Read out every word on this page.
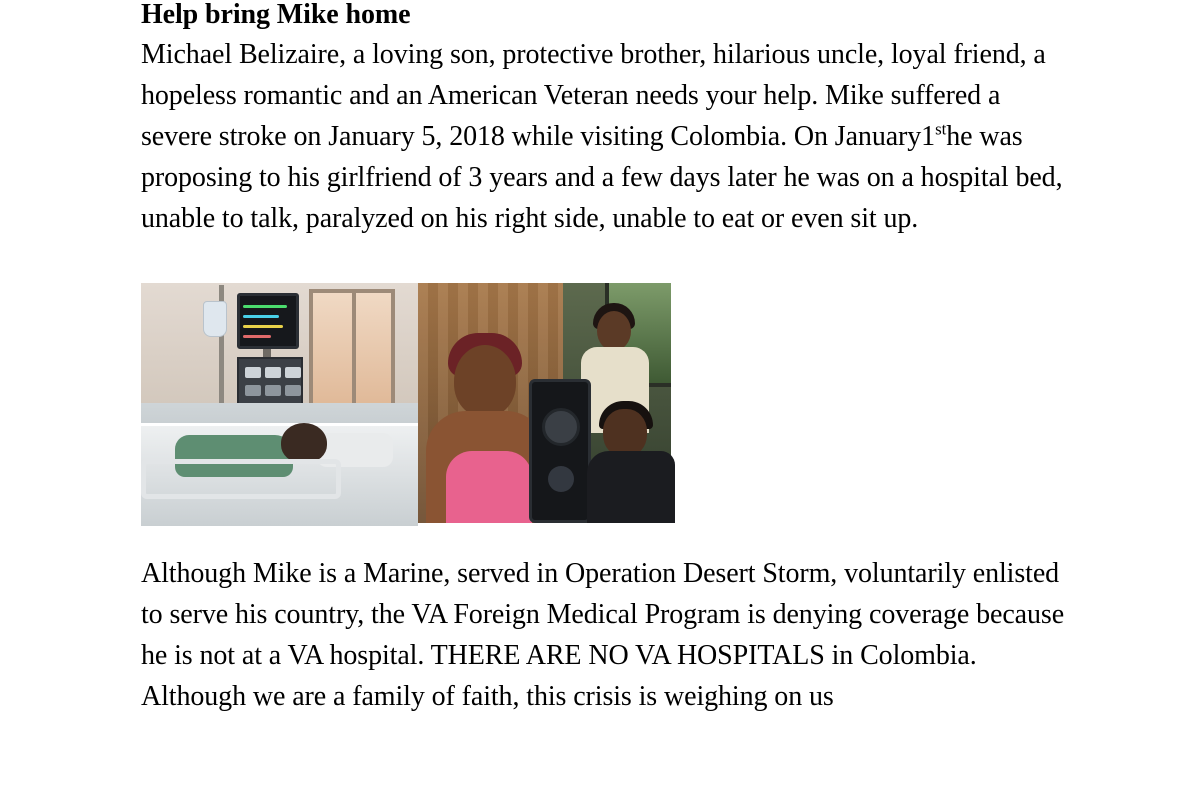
Help bring Mike home

Michael Belizaire, a loving son, protective brother, hilarious uncle, loyal friend, a hopeless romantic and an American Veteran needs your help. Mike suffered a severe stroke on January 5, 2018 while visiting Colombia. On January1sthe was proposing to his girlfriend of 3 years and a few days later he was on a hospital bed, unable to talk, paralyzed on his right side, unable to eat or even sit up.

Although Mike is a Marine, served in Operation Desert Storm, voluntarily enlisted to serve his country, the VA Foreign Medical Program is denying coverage because he is not at a VA hospital. THERE ARE NO VA HOSPITALS in Colombia.

Although we are a family of faith, this crisis is weighing on us
